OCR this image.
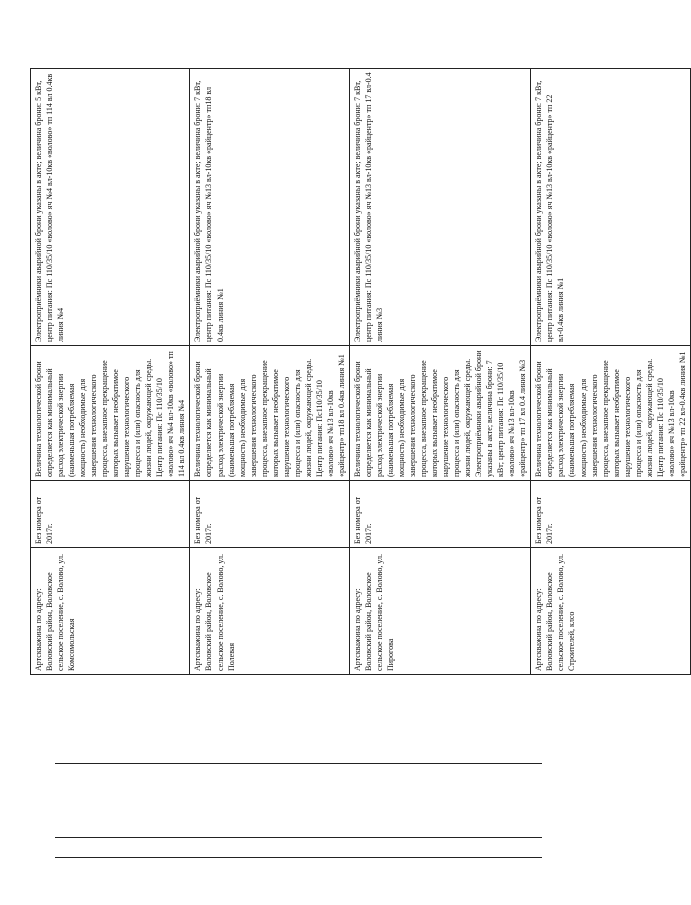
Артскважина по адресу: Воловский район, Воловское сельское поселение, с. Волово, ул. Комсомольская	Без номера от 2017г.	Величина технологической брони определяется как минимальный расход электрической энергии (наименьшая потребляемая мощность) необходимые для завершения технологического процесса, внезапное прекращение которых вызывает необратимое нарушение технологического процесса и (или) опасность для жизни людей, окружающей среды. Центр питания: Пс 110/35/10 «волово» яч №4 вл-10кв «волово» тп 114 вл 0.4кв линия №4	Электроприёмники аварийной брони указаны в акте; величина брони: 5 кВт, центр питания: Пс 110/35/10 «волово» яч №4 вл-10кв «волово» тп 114 вл 0.4кв линия №4
Артскважина по адресу: Воловский район, Воловское сельское поселение, с. Волово, ул. Полевая	Без номера от 2017г.	Величина технологической брони определяется как минимальный расход электрической энергии (наименьшая потребляемая мощность) необходимые для завершения технологического процесса, внезапное прекращение которых вызывает необратимое нарушение технологического процесса и (или) опасность для жизни людей, окружающей среды. Центр питания: Пс110/35/10 «волово» яч №13 вл-10кв «райцентр» тп18 вл 0.4кв линия №1	Электроприёмники аварийной брони указаны в акте; величина брони: 7 кВт, центр питания: Пс 110/35/10 «волово» яч №13 вл-10кв «райцентр» тп18 вл 0.4кв линия №1
Артскважина по адресу: Воловский район, Воловское сельское поселение, с. Волово, ул. Пирогова	Без номера от 2017г.	Величина технологической брони определяется как минимальный расход электрической энергии (наименьшая потребляемая мощность) необходимые для завершения технологического процесса, внезапное прекращение которых вызывает необратимое нарушение технологического процесса и (или) опасность для жизни людей, окружающей среды. Электроприёмники аварийной брони указаны в акте; величина брони: 7 кВт; центр питания: Пс 110/35/10 «волово» яч №13 вл-10кв «райцентр» тп 17 вл 0.4 линия №3	Электроприёмники аварийной брони указаны в акте; величина брони: 7 кВт, центр питания: Пс 110/35/10 «волово» яч №13 вл-10кв «райцентр» тп 17 вл-0.4 линия №3
Артскважина по адресу: Воловский район, Воловское сельское поселение, с. Волово, ул. Строителей, клсо	Без номера от 2017г.	Величина технологической брони определяется как минимальный расход электрической энергии (наименьшая потребляемая мощность) необходимые для завершения технологического процесса, внезапное прекращение которых вызывает необратимое нарушение технологического процесса и (или) опасность для жизни людей, окружающей среды. Центр питания: Пс 110/35/10 «волово» яч №13 вл-10кв «райцентр» тп 22 вл-0.4кв линия №1	Электроприёмники аварийной брони указаны в акте; величина брони: 7 кВт, центр питания: Пс 110/35/10 «волово» яч №13 вл-10кв «райцентр» тп 22 вл-0.4кв линия №1
